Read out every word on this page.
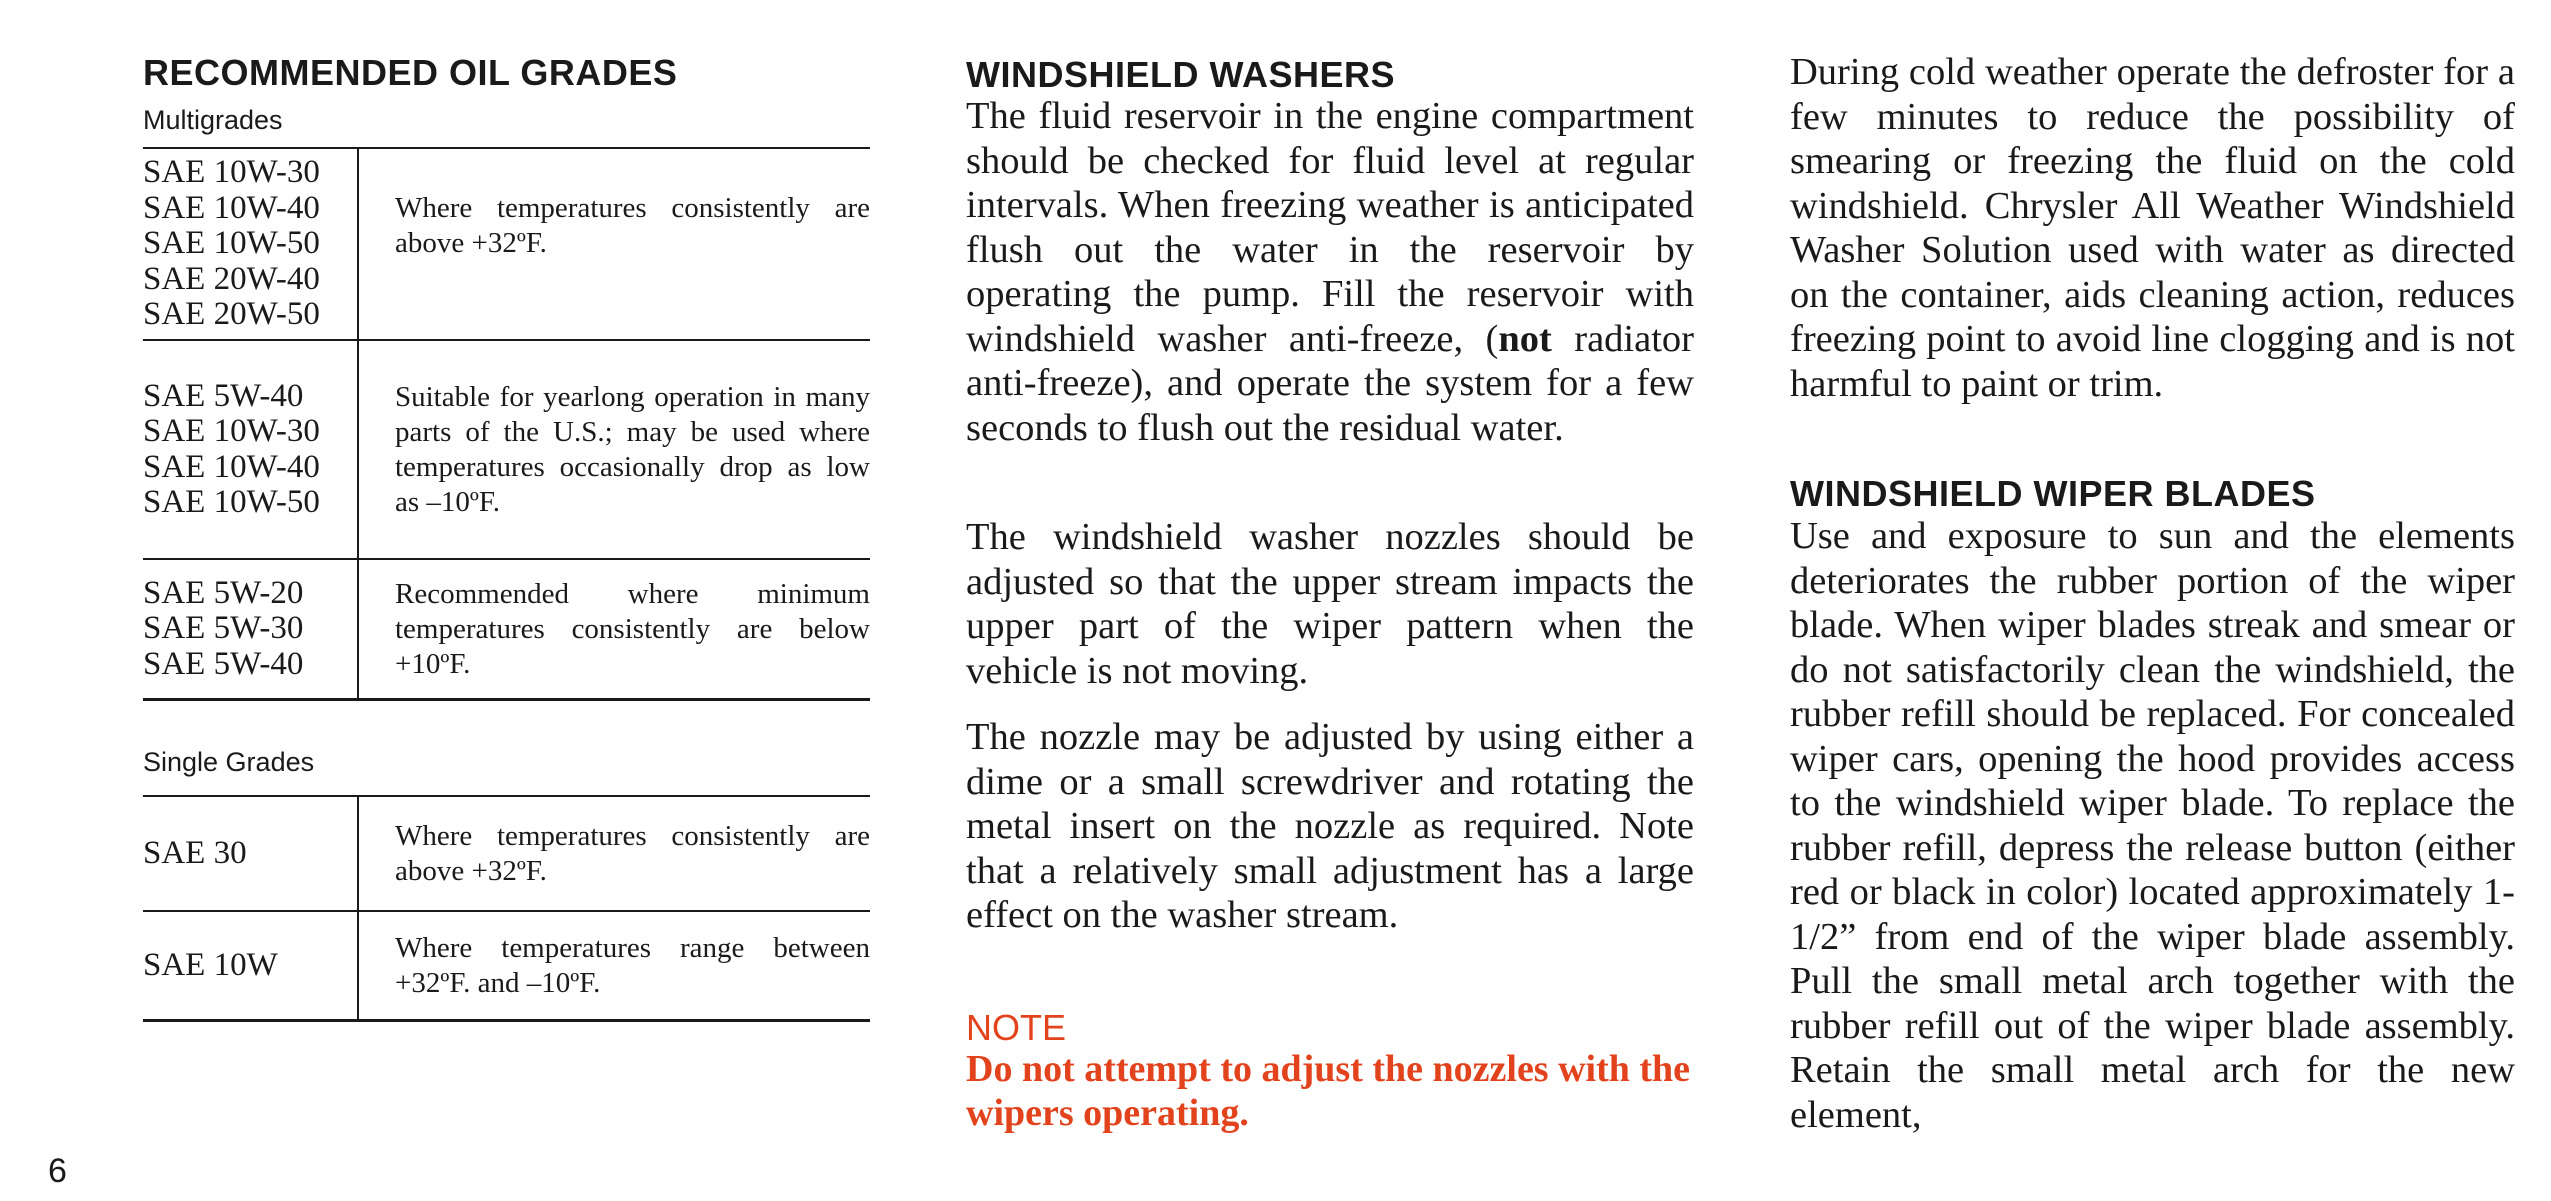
RECOMMENDED OIL GRADES
Multigrades
SAE 10W-30
SAE 10W-40
SAE 10W-50
SAE 20W-40
SAE 20W-50
Where temperatures consistently are above +32ºF.
SAE 5W-40
SAE 10W-30
SAE 10W-40
SAE 10W-50
Suitable for yearlong operation in many parts of the U.S.; may be used where temperatures occasionally drop as low as –10ºF.
SAE 5W-20
SAE 5W-30
SAE 5W-40
Recommended where minimum temperatures consistently are below +10ºF.
Single Grades
SAE 30	Where temperatures consistently are above +32ºF.
SAE 10W	Where temperatures range between +32ºF. and –10ºF.
WINDSHIELD WASHERS

The fluid reservoir in the engine compartment should be checked for fluid level at regular intervals. When freezing weather is anticipated flush out the water in the reservoir by operating the pump. Fill the reservoir with windshield washer anti-freeze, (not radiator anti-freeze), and operate the system for a few seconds to flush out the residual water.

The windshield washer nozzles should be adjusted so that the upper stream impacts the upper part of the wiper pattern when the vehicle is not moving.

The nozzle may be adjusted by using either a dime or a small screwdriver and rotating the metal insert on the nozzle as required. Note that a relatively small adjustment has a large effect on the washer stream.

NOTE

Do not attempt to adjust the nozzles with the wipers operating.

During cold weather operate the defroster for a few minutes to reduce the possibility of smearing or freezing the fluid on the cold windshield. Chrysler All Weather Windshield Washer Solution used with water as directed on the container, aids cleaning action, reduces freezing point to avoid line clogging and is not harmful to paint or trim.

WINDSHIELD WIPER BLADES

Use and exposure to sun and the elements deteriorates the rubber portion of the wiper blade. When wiper blades streak and smear or do not satisfactorily clean the windshield, the rubber refill should be replaced. For concealed wiper cars, opening the hood provides access to the windshield wiper blade. To replace the rubber refill, depress the release button (either red or black in color) located approximately 1-1/2” from end of the wiper blade assembly. Pull the small metal arch together with the rubber refill out of the wiper blade assembly. Retain the small metal arch for the new element,

6
